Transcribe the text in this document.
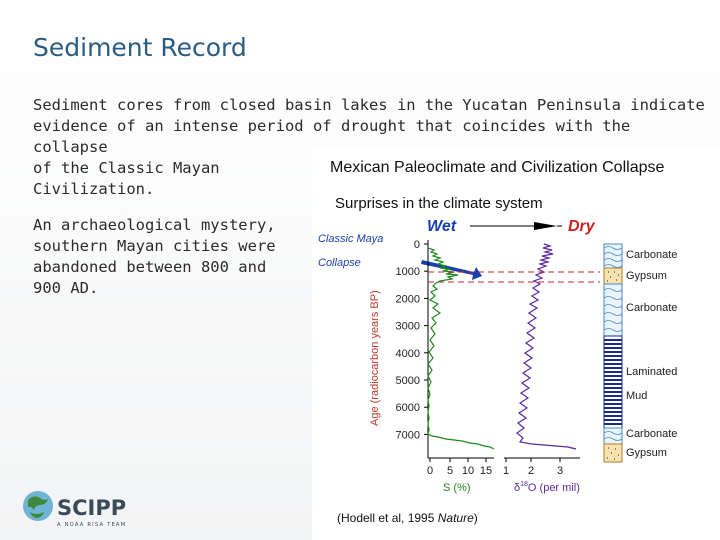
Sediment Record
Sediment cores from closed basin lakes in the Yucatan Peninsula indicate
evidence of an intense period of drought that coincides with the collapse
of the Classic Mayan
Civilization.
An archaeological mystery,
southern Mayan cities were
abandoned between 800 and
900 AD.
Mexican Paleoclimate and Civilization Collapse
Surprises in the climate system
Wet	Dry
Classic Maya
Collapse
Age (radiocarbon years BP)
0
1000
2000
3000
4000
5000
6000
7000
0 5 10 15
S (%)
1 2 3
$\delta^{18}O$ (per mil)
Carbonate
Gypsum
Carbonate
Laminated
Mud
Carbonate
Gypsum
(Hodell et al, 1995 Nature)
SCIPP
A NOAA RISA TEAM
